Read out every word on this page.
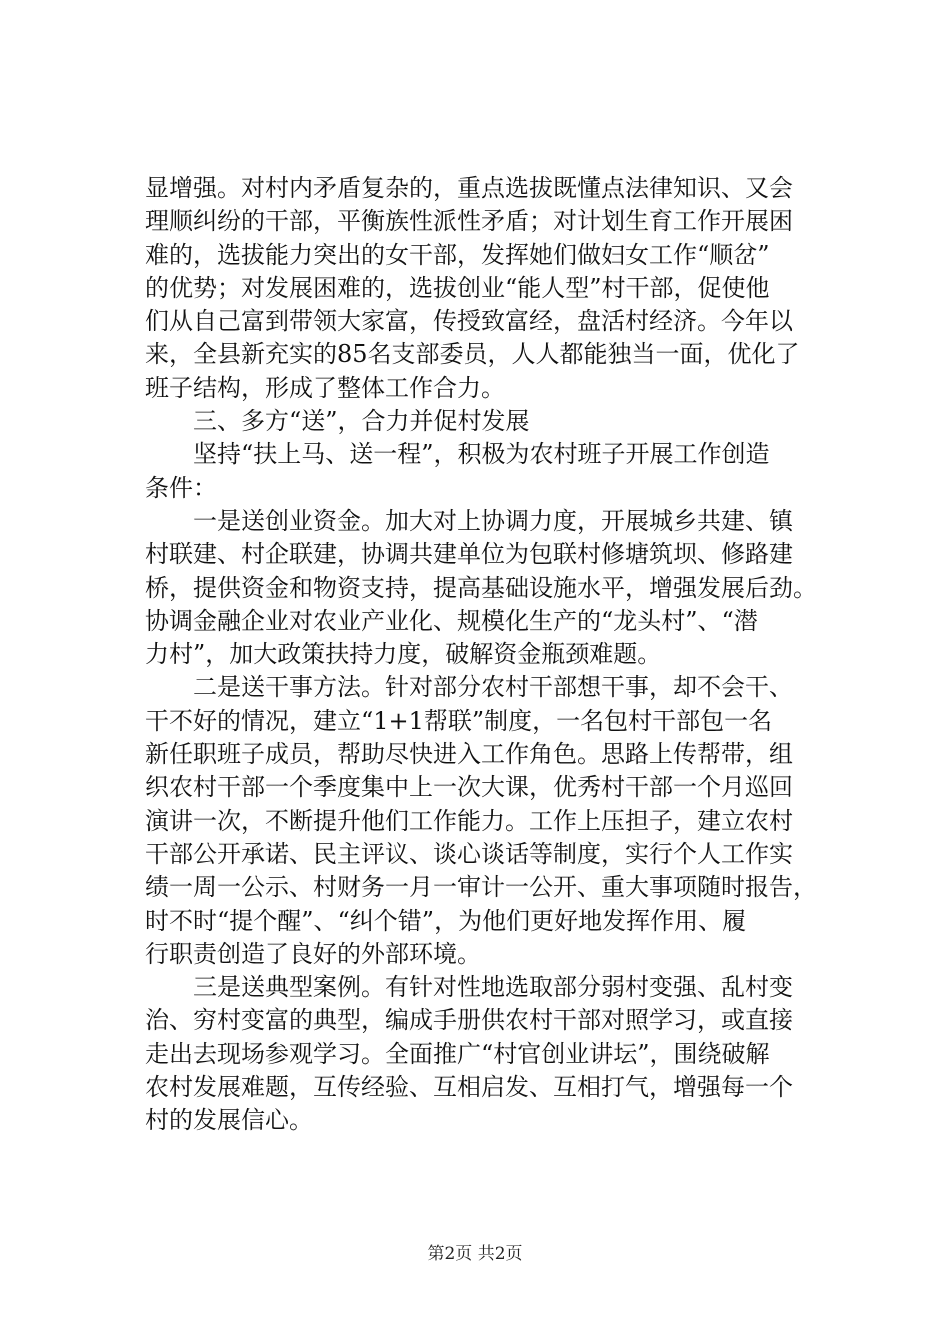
显增强。对村内矛盾复杂的，重点选拔既懂点法律知识、又会
理顺纠纷的干部，平衡族性派性矛盾；对计划生育工作开展困
难的，选拔能力突出的女干部，发挥她们做妇女工作“顺岔”
的优势；对发展困难的，选拔创业“能人型”村干部，促使他
们从自己富到带领大家富，传授致富经，盘活村经济。今年以
来，全县新充实的85名支部委员，人人都能独当一面，优化了
班子结构，形成了整体工作合力。
　　三、多方“送”，合力并促村发展
　　坚持“扶上马、送一程”，积极为农村班子开展工作创造
条件：
　　一是送创业资金。加大对上协调力度，开展城乡共建、镇
村联建、村企联建，协调共建单位为包联村修塘筑坝、修路建
桥，提供资金和物资支持，提高基础设施水平，增强发展后劲。
协调金融企业对农业产业化、规模化生产的“龙头村”、“潜
力村”，加大政策扶持力度，破解资金瓶颈难题。
　　二是送干事方法。针对部分农村干部想干事，却不会干、
干不好的情况，建立“1+1帮联”制度，一名包村干部包一名
新任职班子成员，帮助尽快进入工作角色。思路上传帮带，组
织农村干部一个季度集中上一次大课，优秀村干部一个月巡回
演讲一次，不断提升他们工作能力。工作上压担子，建立农村
干部公开承诺、民主评议、谈心谈话等制度，实行个人工作实
绩一周一公示、村财务一月一审计一公开、重大事项随时报告，
时不时“提个醒”、“纠个错”，为他们更好地发挥作用、履
行职责创造了良好的外部环境。
　　三是送典型案例。有针对性地选取部分弱村变强、乱村变
治、穷村变富的典型，编成手册供农村干部对照学习，或直接
走出去现场参观学习。全面推广“村官创业讲坛”，围绕破解
农村发展难题，互传经验、互相启发、互相打气，增强每一个
村的发展信心。
第2页 共2页
